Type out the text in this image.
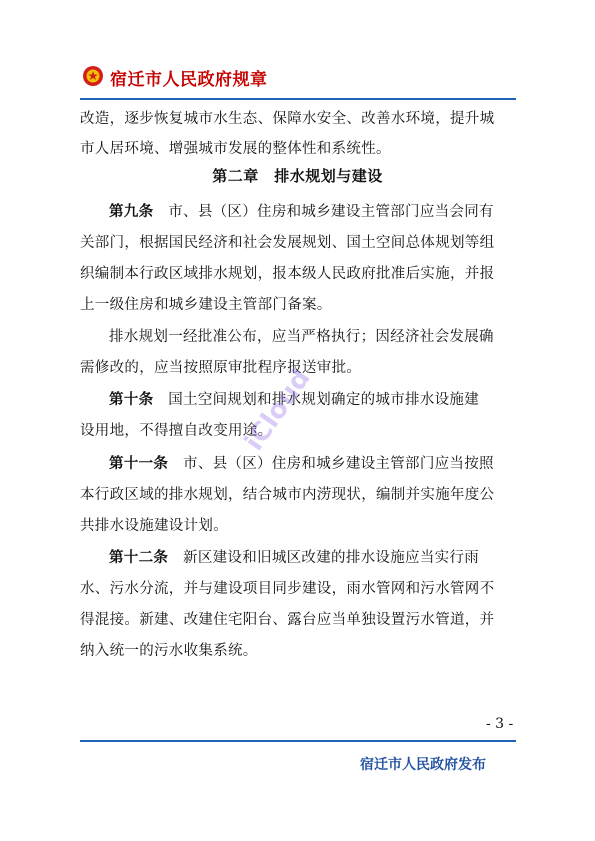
宿迁市人民政府规章
改造，逐步恢复城市水生态、保障水安全、改善水环境，提升城
市人居环境、增强城市发展的整体性和系统性。
第二章　排水规划与建设
第九条　 市、县（区）住房和城乡建设主管部门应当会同有
关部门，根据国民经济和社会发展规划、国土空间总体规划等组
织编制本行政区域排水规划，报本级人民政府批准后实施，并报
上一级住房和城乡建设主管部门备案。
排水规划一经批准公布，应当严格执行；因经济社会发展确
需修改的，应当按照原审批程序报送审批。
第十条　 国土空间规划和排水规划确定的城市排水设施建
设用地，不得擅自改变用途。
第十一条　 市、县（区）住房和城乡建设主管部门应当按照
本行政区域的排水规划，结合城市内涝现状，编制并实施年度公
共排水设施建设计划。
第十二条　 新区建设和旧城区改建的排水设施应当实行雨
水、污水分流，并与建设项目同步建设，雨水管网和污水管网不
得混接。新建、改建住宅阳台、露台应当单独设置污水管道，并
纳入统一的污水收集系统。
iCloud
- 3 -
宿迁市人民政府发布
